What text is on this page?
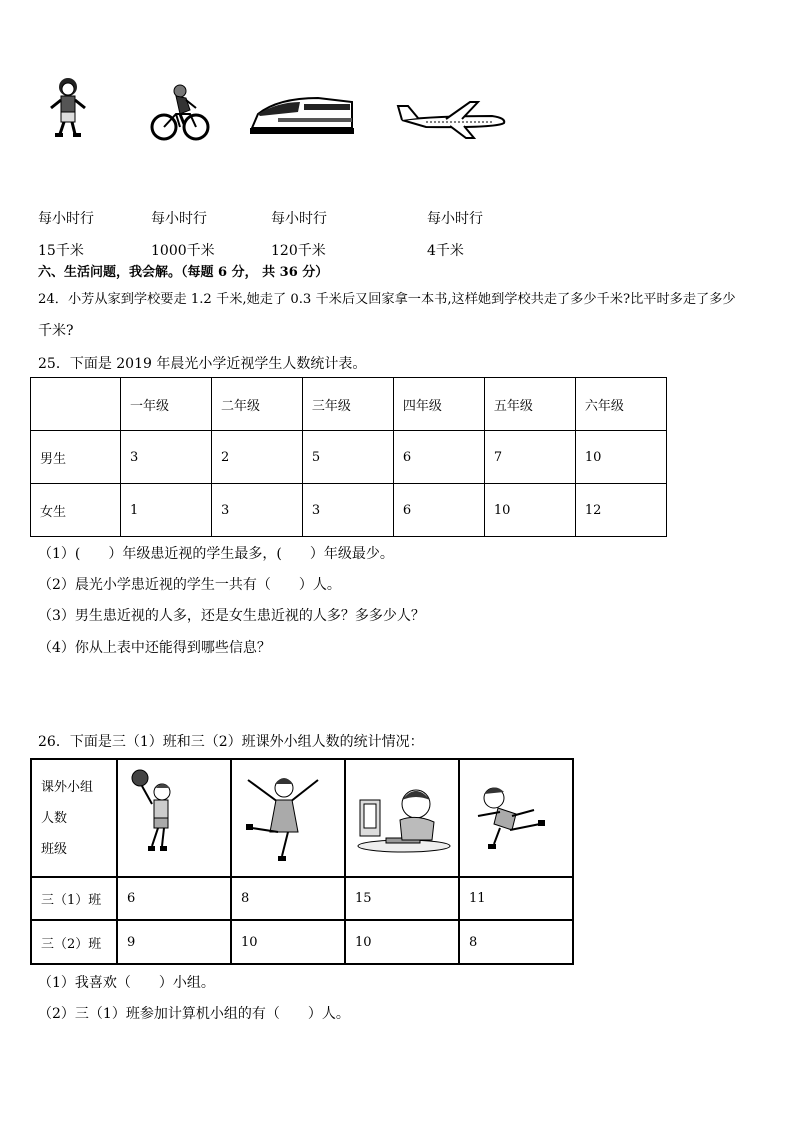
每小时行	每小时行	每小时行	每小时行
15千米	1000千米	120千米	4千米
六、生活问题，我会解。（每题 6 分， 共 36 分）
24．小芳从家到学校要走 1.2 千米,她走了 0.3 千米后又回家拿一本书,这样她到学校共走了多少千米?比平时多走了多少
千米?
25．下面是 2019 年晨光小学近视学生人数统计表。
	一年级	二年级	三年级	四年级	五年级	六年级
男生	3	2	5	6	7	10
女生	1	3	3	6	10	12
（1）(　　）年级患近视的学生最多，(　　）年级最少。
（2）晨光小学患近视的学生一共有（　　）人。
（3）男生患近视的人多，还是女生患近视的人多？多多少人？
（4）你从上表中还能得到哪些信息？
26．下面是三（1）班和三（2）班课外小组人数的统计情况：
课外小组
人数
班级

三（1）班	6	8	15	11
三（2）班	9	10	10	8
（1）我喜欢（　　）小组。
（2）三（1）班参加计算机小组的有（　　）人。
